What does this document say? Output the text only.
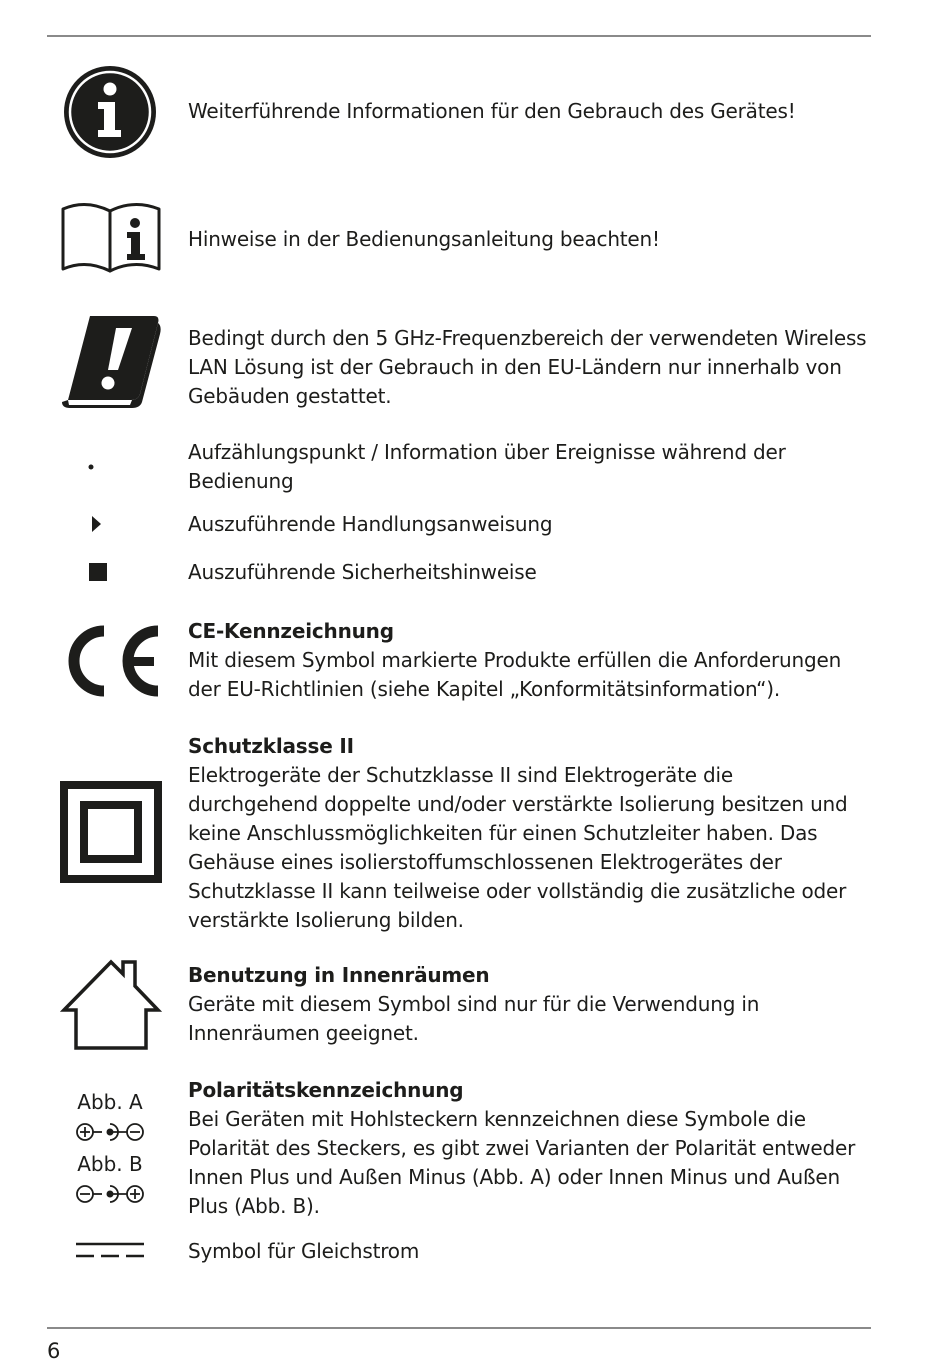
Weiterführende Informationen für den Gebrauch des Gerätes!
Hinweise in der Bedienungsanleitung beachten!
Bedingt durch den 5 GHz-Frequenzbereich der verwendeten Wireless LAN Lösung ist der Gebrauch in den EU-Ländern nur innerhalb von Gebäuden gestattet.
Aufzählungspunkt / Information über Ereignisse während der Bedienung
Auszuführende Handlungsanweisung
Auszuführende Sicherheitshinweise
CE-Kennzeichnung
Mit diesem Symbol markierte Produkte erfüllen die Anforderungen der EU-Richtlinien (siehe Kapitel „Konformitätsinformation“).
Schutzklasse II
Elektrogeräte der Schutzklasse II sind Elektrogeräte die durchgehend doppelte und/oder verstärkte Isolierung besitzen und keine Anschlussmöglichkeiten für einen Schutzleiter haben. Das Gehäuse eines isolierstoffumschlossenen Elektrogerätes der Schutzklasse II kann teilweise oder vollständig die zusätzliche oder verstärkte Isolierung bilden.
Benutzung in Innenräumen
Geräte mit diesem Symbol sind nur für die Verwendung in Innenräumen geeignet.
Abb. A
Abb. B
Polaritätskennzeichnung
Bei Geräten mit Hohlsteckern kennzeichnen diese Symbole die Polarität des Steckers, es gibt zwei Varianten der Polarität entweder Innen Plus und Außen Minus (Abb. A) oder Innen Minus und Außen Plus (Abb. B).
Symbol für Gleichstrom
6
